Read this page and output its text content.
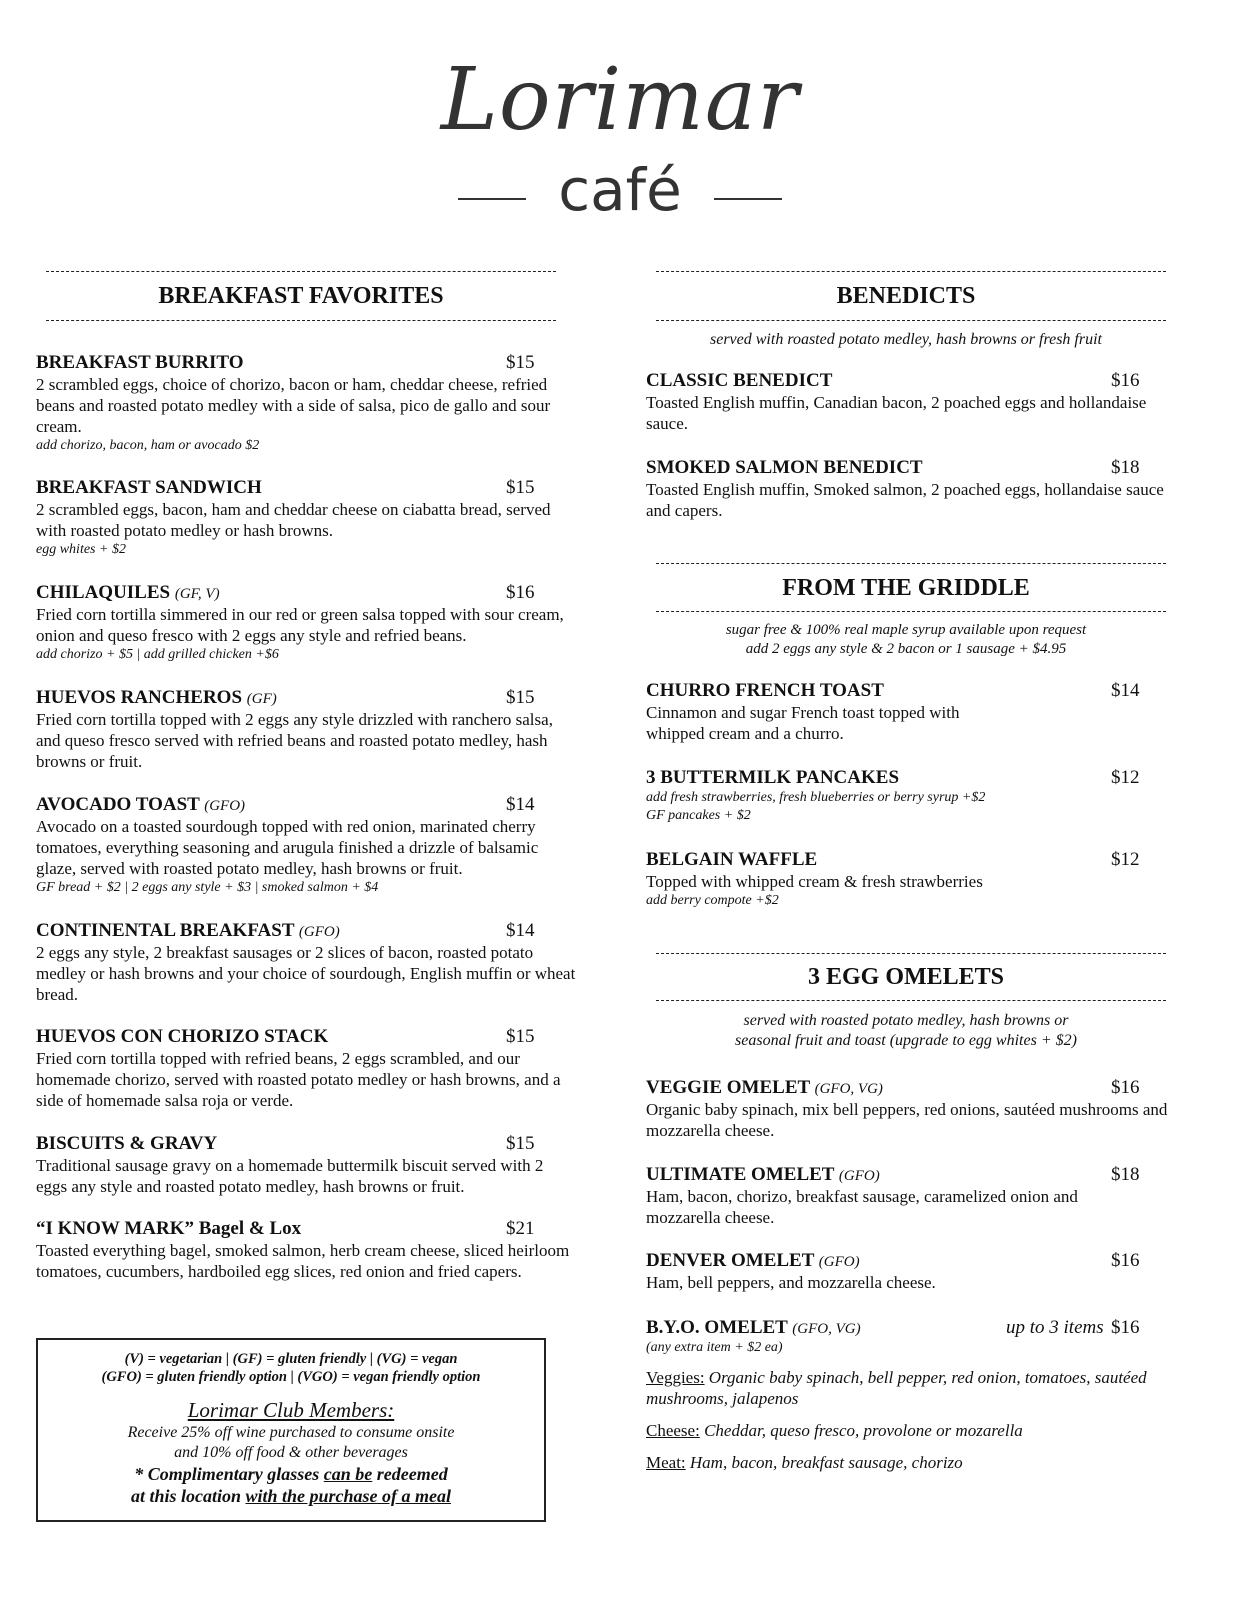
Lorimar
café
BREAKFAST FAVORITES
BREAKFAST BURRITO	$15
2 scrambled eggs, choice of chorizo, bacon or ham, cheddar cheese, refried beans and roasted potato medley with a side of salsa, pico de gallo and sour cream.
add chorizo, bacon, ham or avocado $2
BREAKFAST SANDWICH	$15
2 scrambled eggs, bacon, ham and cheddar cheese on ciabatta bread, served with roasted potato medley or hash browns.
egg whites + $2
CHILAQUILES (GF, V)	$16
Fried corn tortilla simmered in our red or green salsa topped with sour cream, onion and queso fresco with 2 eggs any style and refried beans.
add chorizo + $5 | add grilled chicken +$6
HUEVOS RANCHEROS (GF)	$15
Fried corn tortilla topped with 2 eggs any style drizzled with ranchero salsa, and queso fresco served with refried beans and roasted potato medley, hash browns or fruit.
AVOCADO TOAST (GFO)	$14
Avocado on a toasted sourdough topped with red onion, marinated cherry tomatoes, everything seasoning and arugula finished a drizzle of balsamic glaze, served with roasted potato medley, hash browns or fruit.
GF bread + $2 | 2 eggs any style + $3 | smoked salmon + $4
CONTINENTAL BREAKFAST (GFO)	$14
2 eggs any style, 2 breakfast sausages or 2 slices of bacon, roasted potato medley or hash browns and your choice of sourdough, English muffin or wheat bread.
HUEVOS CON CHORIZO STACK	$15
Fried corn tortilla topped with refried beans, 2 eggs scrambled, and our homemade chorizo, served with roasted potato medley or hash browns, and a side of homemade salsa roja or verde.
BISCUITS & GRAVY	$15
Traditional sausage gravy on a homemade buttermilk biscuit served with 2 eggs any style and roasted potato medley, hash browns or fruit.
“I KNOW MARK” Bagel & Lox	$21
Toasted everything bagel, smoked salmon, herb cream cheese, sliced heirloom tomatoes, cucumbers, hardboiled egg slices, red onion and fried capers.
(V) = vegetarian | (GF) = gluten friendly | (VG) = vegan
(GFO) = gluten friendly option | (VGO) = vegan friendly option
Lorimar Club Members:
Receive 25% off wine purchased to consume onsite
and 10% off food & other beverages
* Complimentary glasses can be redeemed
at this location with the purchase of a meal
BENEDICTS
served with roasted potato medley, hash browns or fresh fruit
CLASSIC BENEDICT	$16
Toasted English muffin, Canadian bacon, 2 poached eggs and hollandaise sauce.
SMOKED SALMON BENEDICT	$18
Toasted English muffin, Smoked salmon, 2 poached eggs, hollandaise sauce and capers.
FROM THE GRIDDLE
sugar free & 100% real maple syrup available upon request
add 2 eggs any style & 2 bacon or 1 sausage + $4.95
CHURRO FRENCH TOAST	$14
Cinnamon and sugar French toast topped with whipped cream and a churro.
3 BUTTERMILK PANCAKES	$12
add fresh strawberries, fresh blueberries or berry syrup +$2
GF pancakes + $2
BELGAIN WAFFLE	$12
Topped with whipped cream & fresh strawberries
add berry compote +$2
3 EGG OMELETS
served with roasted potato medley, hash browns or
seasonal fruit and toast (upgrade to egg whites + $2)
VEGGIE OMELET (GFO, VG)	$16
Organic baby spinach, mix bell peppers, red onions, sautéed mushrooms and mozzarella cheese.
ULTIMATE OMELET (GFO)	$18
Ham, bacon, chorizo, breakfast sausage, caramelized onion and mozzarella cheese.
DENVER OMELET (GFO)	$16
Ham, bell peppers, and mozzarella cheese.
B.Y.O. OMELET (GFO, VG)	up to 3 items $16
(any extra item + $2 ea)
Veggies: Organic baby spinach, bell pepper, red onion, tomatoes, sautéed mushrooms, jalapenos
Cheese: Cheddar, queso fresco, provolone or mozarella
Meat: Ham, bacon, breakfast sausage, chorizo
